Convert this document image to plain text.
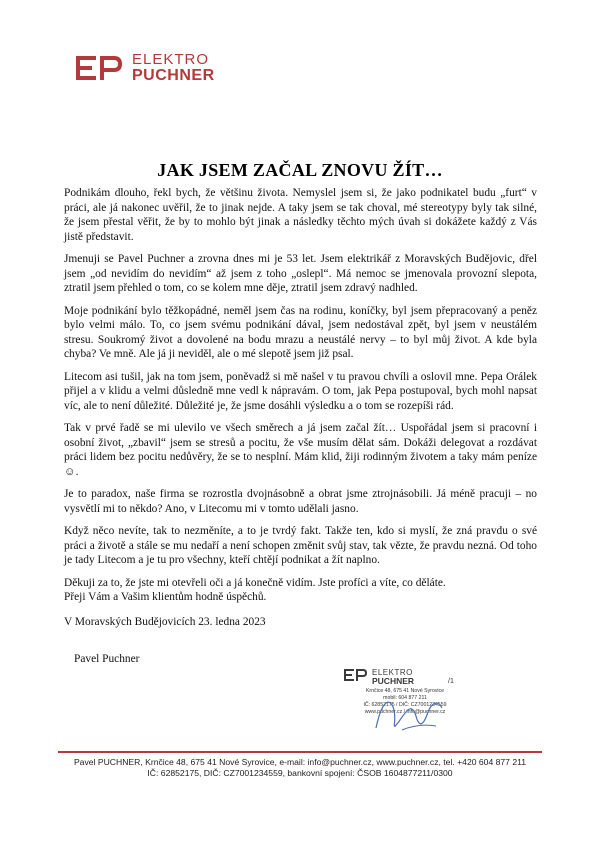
ELEKTRO
PUCHNER
JAK JSEM ZAČAL ZNOVU ŽÍT…

Podnikám dlouho, řekl bych, že většinu života. Nemyslel jsem si, že jako podnikatel budu „furt“ v práci, ale já nakonec uvěřil, že to jinak nejde. A taky jsem se tak choval, mé stereotypy byly tak silné, že jsem přestal věřit, že by to mohlo být jinak a následky těchto mých úvah si dokážete každý z Vás jistě představit.

Jmenuji se Pavel Puchner a zrovna dnes mi je 53 let. Jsem elektrikář z Moravských Budějovic, dřel jsem „od nevidím do nevidím“ až jsem z toho „oslepl“. Má nemoc se jmenovala provozní slepota, ztratil jsem přehled o tom, co se kolem mne děje, ztratil jsem zdravý nadhled.

Moje podnikání bylo těžkopádné, neměl jsem čas na rodinu, koníčky, byl jsem přepracovaný a peněz bylo velmi málo. To, co jsem svému podnikání dával, jsem nedostával zpět, byl jsem v neustálém stresu. Soukromý život a dovolené na bodu mrazu a neustálé nervy – to byl můj život. A kde byla chyba? Ve mně. Ale já ji neviděl, ale o mé slepotě jsem již psal.

Litecom asi tušil, jak na tom jsem, poněvadž si mě našel v tu pravou chvíli a oslovil mne. Pepa Orálek přijel a v klidu a velmi důsledně mne vedl k nápravám. O tom, jak Pepa postupoval, bych mohl napsat víc, ale to není důležité. Důležité je, že jsme dosáhli výsledku a o tom se rozepíši rád.

Tak v prvé řadě se mi ulevilo ve všech směrech a já jsem začal žít… Uspořádal jsem si pracovní i osobní život, „zbavil“ jsem se stresů a pocitu, že vše musím dělat sám. Dokáži delegovat a rozdávat práci lidem bez pocitu nedůvěry, že se to nesplní. Mám klid, žiji rodinným životem a taky mám peníze ☺.

Je to paradox, naše firma se rozrostla dvojnásobně a obrat jsme ztrojnásobili. Já méně pracuji – no vysvětlí mi to někdo? Ano, v Litecomu mi v tomto udělali jasno.

Když něco nevíte, tak to nezměníte, a to je tvrdý fakt. Takže ten, kdo si myslí, že zná pravdu o své práci a životě a stále se mu nedaří a není schopen změnit svůj stav, tak vězte, že pravdu nezná. Od toho je tady Litecom a je tu pro všechny, kteří chtějí podnikat a žít naplno.

Děkuji za to, že jste mi otevřeli oči a já konečně vidím. Jste profíci a víte, co děláte.

Přeji Vám a Vašim klientům hodně úspěchů.

V Moravských Budějovicích 23. ledna 2023

Pavel Puchner
ELEKTRO
PUCHNER
Krnčice 48, 675 41 Nové Syrovice
mobil: 604 877 211
IČ: 62852175 / DIČ: CZ7001234559
www.pdchner.cz / info@puchner.cz
/1
Pavel PUCHNER, Krnčice 48, 675 41 Nové Syrovice, e-mail: info@puchner.cz, www.puchner.cz, tel. +420 604 877 211
IČ: 62852175, DIČ: CZ7001234559, bankovní spojení: ČSOB 1604877211/0300
